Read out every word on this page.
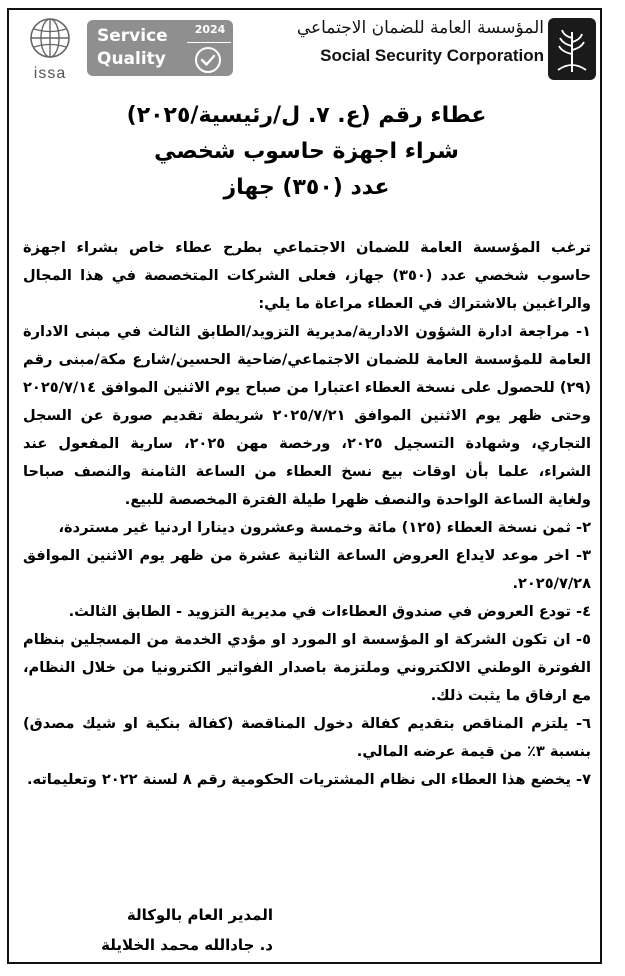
issa
Service
Quality
2024	المؤسسة العامة للضمان الاجتماعي
Social Security Corporation
عطاء رقم (ع. ٧. ل/رئيسية/٢٠٢٥)
شراء اجهزة حاسوب شخصي
عدد (٣٥٠) جهاز

ترغب المؤسسة العامة للضمان الاجتماعي بطرح عطاء خاص بشراء اجهزة حاسوب شخصي عدد (٣٥٠) جهاز، فعلى الشركات المتخصصة في هذا المجال والراغبين بالاشتراك في العطاء مراعاة ما يلي:

١- مراجعة ادارة الشؤون الادارية/مديرية التزويد/الطابق الثالث في مبنى الادارة العامة للمؤسسة العامة للضمان الاجتماعي/ضاحية الحسين/شارع مكة/مبنى رقم (٢٩) للحصول على نسخة العطاء اعتبارا من صباح يوم الاثنين الموافق ٢٠٢٥/٧/١٤ وحتى ظهر يوم الاثنين الموافق ٢٠٢٥/٧/٢١ شريطة تقديم صورة عن السجل التجاري، وشهادة التسجيل ٢٠٢٥، ورخصة مهن ٢٠٢٥، سارية المفعول عند الشراء، علما بأن اوقات بيع نسخ العطاء من الساعة الثامنة والنصف صباحا ولغاية الساعة الواحدة والنصف ظهرا طيلة الفترة المخصصة للبيع.

٢- ثمن نسخة العطاء (١٢٥) مائة وخمسة وعشرون دينارا اردنيا غير مستردة،

٣- اخر موعد لايداع العروض الساعة الثانية عشرة من ظهر يوم الاثنين الموافق ٢٠٢٥/٧/٢٨.

٤- تودع العروض في صندوق العطاءات في مديرية التزويد - الطابق الثالث.

٥- ان تكون الشركة او المؤسسة او المورد او مؤدي الخدمة من المسجلين بنظام الفوترة الوطني الالكتروني وملتزمة باصدار الفواتير الكترونيا من خلال النظام، مع ارفاق ما يثبت ذلك.

٦- يلتزم المناقص بتقديم كفالة دخول المناقصة (كفالة بنكية او شيك مصدق) بنسبة ٣٪ من قيمة عرضه المالي.

٧- يخضع هذا العطاء الى نظام المشتريات الحكومية رقم ٨ لسنة ٢٠٢٢ وتعليماته.

المدير العام بالوكالة
د. جادالله محمد الخلايلة
